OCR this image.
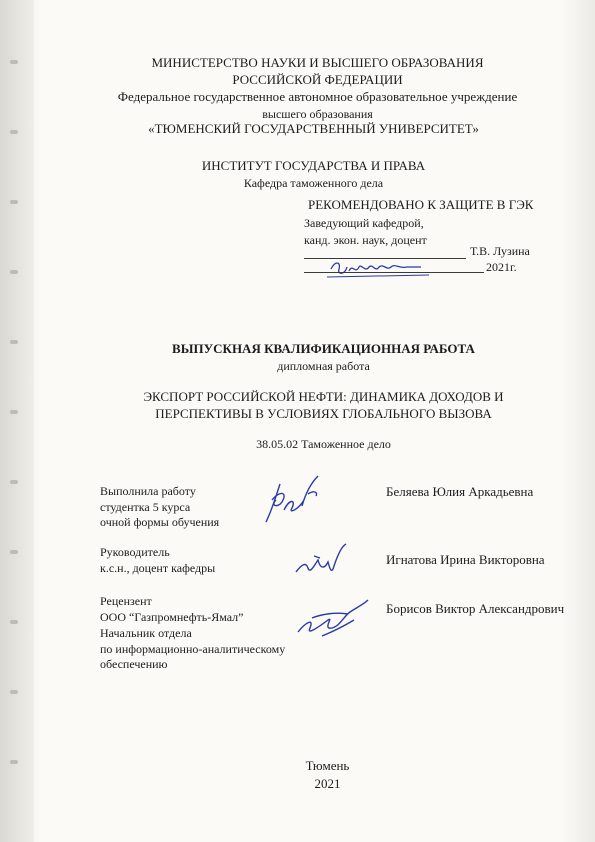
МИНИСТЕРСТВО НАУКИ И ВЫСШЕГО ОБРАЗОВАНИЯ
РОССИЙСКОЙ ФЕДЕРАЦИИ
Федеральное государственное автономное образовательное учреждение
высшего образования
«ТЮМЕНСКИЙ ГОСУДАРСТВЕННЫЙ УНИВЕРСИТЕТ»
ИНСТИТУТ ГОСУДАРСТВА И ПРАВА
Кафедра таможенного дела
РЕКОМЕНДОВАНО К ЗАЩИТЕ В ГЭК
Заведующий кафедрой,
канд. экон. наук, доцент
Т.В. Лузина
2021г.
ВЫПУСКНАЯ КВАЛИФИКАЦИОННАЯ РАБОТА
дипломная работа
ЭКСПОРТ РОССИЙСКОЙ НЕФТИ: ДИНАМИКА ДОХОДОВ И
ПЕРСПЕКТИВЫ В УСЛОВИЯХ ГЛОБАЛЬНОГО ВЫЗОВА
38.05.02 Таможенное дело
Выполнила работу
студентка 5 курса
очной формы обучения
Беляева Юлия Аркадьевна
Руководитель
к.с.н., доцент кафедры
Игнатова Ирина Викторовна
Рецензент
ООО “Газпромнефть-Ямал”
Начальник отдела
по информационно-аналитическому
обеспечению
Борисов Виктор Александрович
Тюмень
2021
